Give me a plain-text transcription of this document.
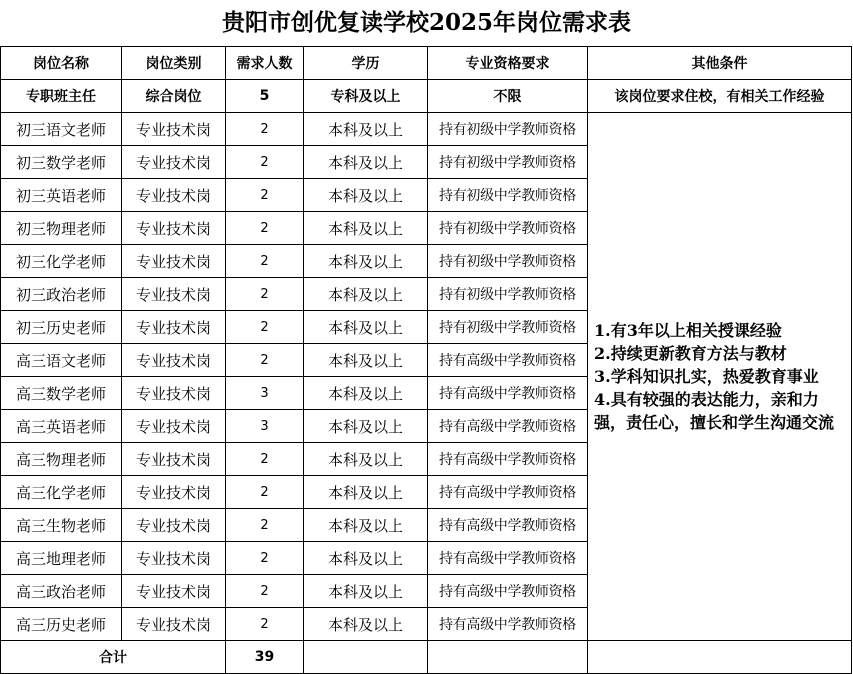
贵阳市创优复读学校2025年岗位需求表
岗位名称	岗位类别	需求人数	学历	专业资格要求	其他条件
专职班主任	综合岗位	5	专科及以上	不限	该岗位要求住校，有相关工作经验
初三语文老师	专业技术岗	2	本科及以上	持有初级中学教师资格	1.有3年以上相关授课经验
2.持续更新教育方法与教材
3.学科知识扎实，热爱教育事业
4.具有较强的表达能力，亲和力强，责任心，擅长和学生沟通交流

初三数学老师	专业技术岗	2	本科及以上	持有初级中学教师资格	
初三英语老师	专业技术岗	2	本科及以上	持有初级中学教师资格	
初三物理老师	专业技术岗	2	本科及以上	持有初级中学教师资格	
初三化学老师	专业技术岗	2	本科及以上	持有初级中学教师资格	
初三政治老师	专业技术岗	2	本科及以上	持有初级中学教师资格	
初三历史老师	专业技术岗	2	本科及以上	持有初级中学教师资格	
高三语文老师	专业技术岗	2	本科及以上	持有高级中学教师资格	
高三数学老师	专业技术岗	3	本科及以上	持有高级中学教师资格	
高三英语老师	专业技术岗	3	本科及以上	持有高级中学教师资格	
高三物理老师	专业技术岗	2	本科及以上	持有高级中学教师资格	
高三化学老师	专业技术岗	2	本科及以上	持有高级中学教师资格	
高三生物老师	专业技术岗	2	本科及以上	持有高级中学教师资格	
高三地理老师	专业技术岗	2	本科及以上	持有高级中学教师资格	
高三政治老师	专业技术岗	2	本科及以上	持有高级中学教师资格	
高三历史老师	专业技术岗	2	本科及以上	持有高级中学教师资格	
合计		39			
